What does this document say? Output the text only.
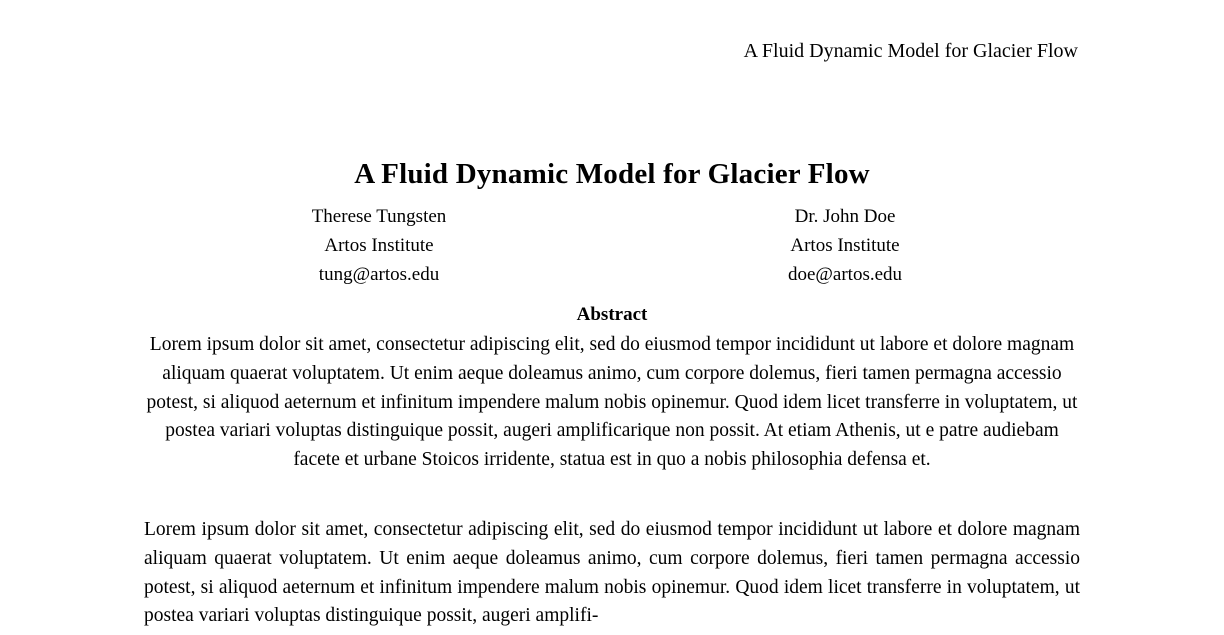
A Fluid Dynamic Model for Glacier Flow
A Fluid Dynamic Model for Glacier Flow
Therese Tungsten
Artos Institute
tung@artos.edu
Dr. John Doe
Artos Institute
doe@artos.edu
Abstract
Lorem ipsum dolor sit amet, consectetur adipiscing elit, sed do eiusmod tempor incididunt ut labore et dolore magnam aliquam quaerat voluptatem. Ut enim aeque doleamus animo, cum corpore dolemus, fieri tamen permagna accessio potest, si aliquod aeternum et infinitum impendere malum nobis opinemur. Quod idem licet transferre in voluptatem, ut postea variari voluptas distinguique possit, augeri amplificarique non possit. At etiam Athenis, ut e patre audiebam facete et urbane Stoicos irridente, statua est in quo a nobis philosophia defensa et.
Lorem ipsum dolor sit amet, consectetur adipiscing elit, sed do eiusmod tempor incididunt ut labore et dolore magnam aliquam quaerat voluptatem. Ut enim aeque doleamus animo, cum corpore dolemus, fieri tamen permagna accessio potest, si aliquod aeternum et infinitum impendere malum nobis opinemur. Quod idem licet transferre in voluptatem, ut postea variari voluptas distinguique possit, augeri amplifi-
